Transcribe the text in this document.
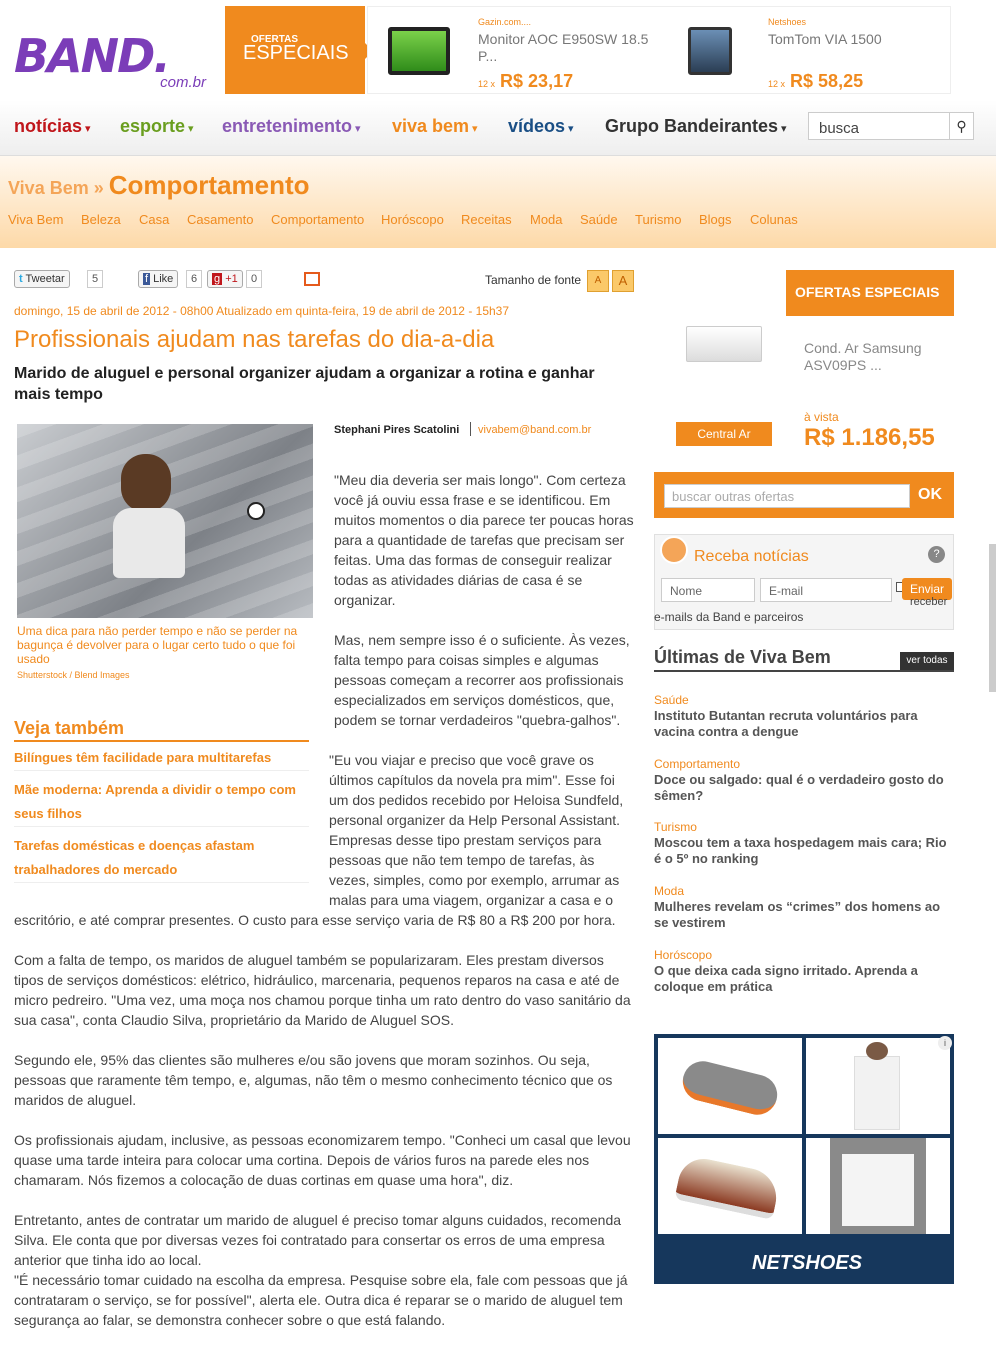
BAND.
com.br
OFERTAS
ESPECIAIS
Gazin.com....
Monitor AOC E950SW 18.5 P...
12 x R$ 23,17
Netshoes
TomTom VIA 1500
12 x R$ 58,25
notícias ▾ esporte ▾ entretenimento ▾ viva bem ▾ vídeos ▾ Grupo Bandeirantes ▾ busca	⚲
Viva Bem » Comportamento
Viva Bem Beleza Casa Casamento Comportamento Horóscopo Receitas Moda Saúde Turismo Blogs Colunas
t Tweetar	5	f Like	6	g +1	0	Tamanho de fonte	A	A
domingo, 15 de abril de 2012 - 08h00 Atualizado em quinta-feira, 19 de abril de 2012 - 15h37
Profissionais ajudam nas tarefas do dia-a-dia
Marido de aluguel e personal organizer ajudam a organizar a rotina e ganhar mais tempo
Uma dica para não perder tempo e não se perder na bagunça é devolver para o lugar certo tudo o que foi usado
Shutterstock / Blend Images
Stephani Pires Scatolini vivabem@band.com.br
"Meu dia deveria ser mais longo". Com certeza você já ouviu essa frase e se identificou. Em muitos momentos o dia parece ter poucas horas para a quantidade de tarefas que precisam ser feitas. Uma das formas de conseguir realizar todas as atividades diárias de casa é se organizar.
Mas, nem sempre isso é o suficiente. Às vezes, falta tempo para coisas simples e algumas pessoas começam a recorrer aos profissionais especializados em serviços domésticos, que, podem se tornar verdadeiros "quebra-galhos".
"Eu vou viajar e preciso que você grave os últimos capítulos da novela pra mim". Esse foi um dos pedidos recebido por Heloisa Sundfeld, personal organizer da Help Personal Assistant. Empresas desse tipo prestam serviços para pessoas que não tem tempo de tarefas, às vezes, simples, como por exemplo, arrumar as malas para uma viagem, organizar a casa e o
escritório, e até comprar presentes. O custo para esse serviço varia de R$ 80 a R$ 200 por hora.
Com a falta de tempo, os maridos de aluguel também se popularizaram. Eles prestam diversos tipos de serviços domésticos: elétrico, hidráulico, marcenaria, pequenos reparos na casa e até de micro pedreiro. "Uma vez, uma moça nos chamou porque tinha um rato dentro do vaso sanitário da sua casa", conta Claudio Silva, proprietário da Marido de Aluguel SOS.
Segundo ele, 95% das clientes são mulheres e/ou são jovens que moram sozinhos. Ou seja, pessoas que raramente têm tempo, e, algumas, não têm o mesmo conhecimento técnico que os maridos de aluguel.
Os profissionais ajudam, inclusive, as pessoas economizarem tempo. "Conheci um casal que levou quase uma tarde inteira para colocar uma cortina. Depois de vários furos na parede eles nos chamaram. Nós fizemos a colocação de duas cortinas em quase uma hora", diz.
Entretanto, antes de contratar um marido de aluguel é preciso tomar alguns cuidados, recomenda Silva. Ele conta que por diversas vezes foi contratado para consertar os erros de uma empresa anterior que tinha ido ao local.
"É necessário tomar cuidado na escolha da empresa. Pesquise sobre ela, fale com pessoas que já contrataram o serviço, se for possível", alerta ele. Outra dica é reparar se o marido de aluguel tem segurança ao falar, se demonstra conhecer sobre o que está falando.
Veja também
Bilíngues têm facilidade para multitarefas
Mãe moderna: Aprenda a dividir o tempo com seus filhos
Tarefas domésticas e doenças afastam trabalhadores do mercado
OFERTAS ESPECIAIS
Central Ar
Cond. Ar Samsung ASV09PS ...
à vista
R$ 1.186,55
buscar outras ofertas	OK
Receba notícias	?
Nome	E-mail	Enviar
receber
e-mails da Band e parceiros
Últimas de Viva Bem	ver todas
Saúde
Instituto Butantan recruta voluntários para vacina contra a dengue
Comportamento
Doce ou salgado: qual é o verdadeiro gosto do sêmen?
Turismo
Moscou tem a taxa hospedagem mais cara; Rio é o 5º no ranking
Moda
Mulheres revelam os “crimes” dos homens ao se vestirem
Horóscopo
O que deixa cada signo irritado. Aprenda a coloque em prática
NETSHOES
i
